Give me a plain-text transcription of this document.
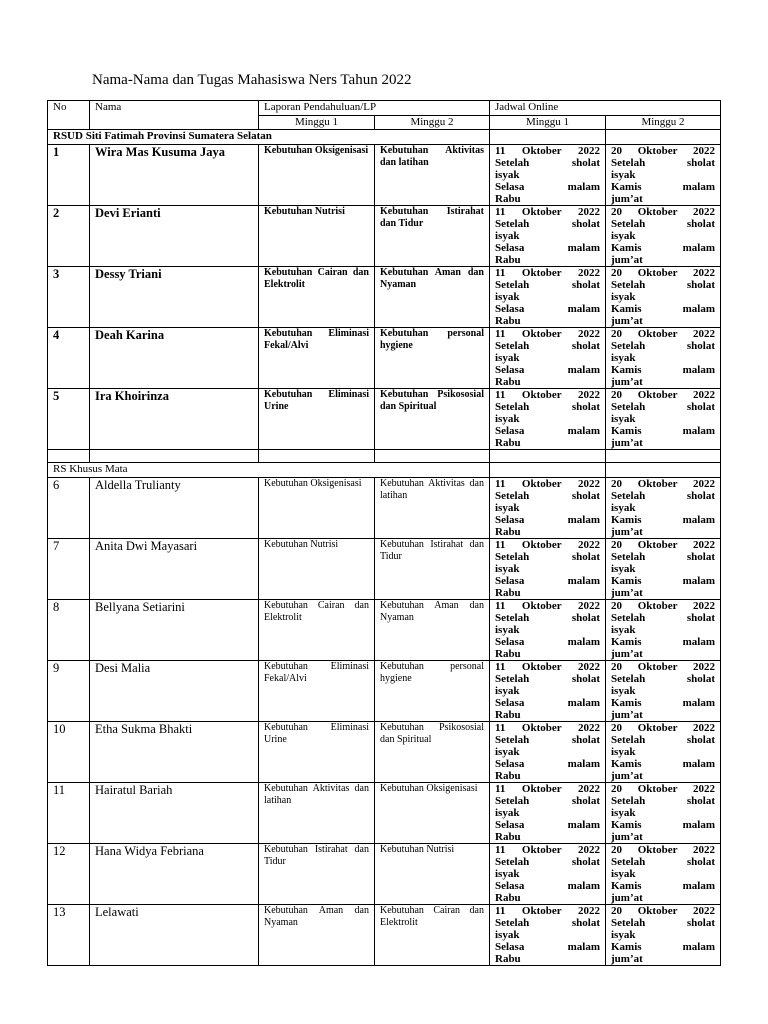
Nama-Nama dan Tugas Mahasiswa Ners Tahun 2022
No	Nama	Laporan Pendahuluan/LP		Jadwal Online	
		Minggu 1	Minggu 2	Minggu 1	Minggu 2
RSUD Siti Fatimah Provinsi Sumatera Selatan					
1	Wira Mas Kusuma Jaya	Kebutuhan Oksigenisasi	Kebutuhan Aktivitas dan latihan	11 Oktober 2022
Setelah sholat
isyak
Selasa malam
Rabu	20 Oktober 2022
Setelah sholat
isyak
Kamis malam
jum’at

2	Devi Erianti	Kebutuhan Nutrisi	Kebutuhan Istirahat dan Tidur	11 Oktober 2022
Setelah sholat
isyak
Selasa malam
Rabu	20 Oktober 2022
Setelah sholat
isyak
Kamis malam
jum’at

3	Dessy Triani	Kebutuhan Cairan dan Elektrolit	Kebutuhan Aman dan Nyaman	11 Oktober 2022
Setelah sholat
isyak
Selasa malam
Rabu	20 Oktober 2022
Setelah sholat
isyak
Kamis malam
jum’at

4	Deah Karina	Kebutuhan Eliminasi Fekal/Alvi	Kebutuhan personal hygiene	11 Oktober 2022
Setelah sholat
isyak
Selasa malam
Rabu	20 Oktober 2022
Setelah sholat
isyak
Kamis malam
jum’at

5	Ira Khoirinza	Kebutuhan Eliminasi Urine	Kebutuhan Psikososial dan Spiritual	11 Oktober 2022
Setelah sholat
isyak
Selasa malam
Rabu	20 Oktober 2022
Setelah sholat
isyak
Kamis malam
jum’at

RS Khusus Mata					
6	Aldella Trulianty	Kebutuhan Oksigenisasi	Kebutuhan Aktivitas dan latihan	11 Oktober 2022
Setelah sholat
isyak
Selasa malam
Rabu	20 Oktober 2022
Setelah sholat
isyak
Kamis malam
jum’at

7	Anita Dwi Mayasari	Kebutuhan Nutrisi	Kebutuhan Istirahat dan Tidur	11 Oktober 2022
Setelah sholat
isyak
Selasa malam
Rabu	20 Oktober 2022
Setelah sholat
isyak
Kamis malam
jum’at

8	Bellyana Setiarini	Kebutuhan Cairan dan Elektrolit	Kebutuhan Aman dan Nyaman	11 Oktober 2022
Setelah sholat
isyak
Selasa malam
Rabu	20 Oktober 2022
Setelah sholat
isyak
Kamis malam
jum’at

9	Desi Malia	Kebutuhan Eliminasi Fekal/Alvi	Kebutuhan personal hygiene	11 Oktober 2022
Setelah sholat
isyak
Selasa malam
Rabu	20 Oktober 2022
Setelah sholat
isyak
Kamis malam
jum’at

10	Etha Sukma Bhakti	Kebutuhan Eliminasi Urine	Kebutuhan Psikososial dan Spiritual	11 Oktober 2022
Setelah sholat
isyak
Selasa malam
Rabu	20 Oktober 2022
Setelah sholat
isyak
Kamis malam
jum’at

11	Hairatul Bariah	Kebutuhan Aktivitas dan latihan	Kebutuhan Oksigenisasi	11 Oktober 2022
Setelah sholat
isyak
Selasa malam
Rabu	20 Oktober 2022
Setelah sholat
isyak
Kamis malam
jum’at

12	Hana Widya Febriana	Kebutuhan Istirahat dan Tidur	Kebutuhan Nutrisi	11 Oktober 2022
Setelah sholat
isyak
Selasa malam
Rabu	20 Oktober 2022
Setelah sholat
isyak
Kamis malam
jum’at

13	Lelawati	Kebutuhan Aman dan Nyaman	Kebutuhan Cairan dan Elektrolit	11 Oktober 2022
Setelah sholat
isyak
Selasa malam
Rabu	20 Oktober 2022
Setelah sholat
isyak
Kamis malam
jum’at
